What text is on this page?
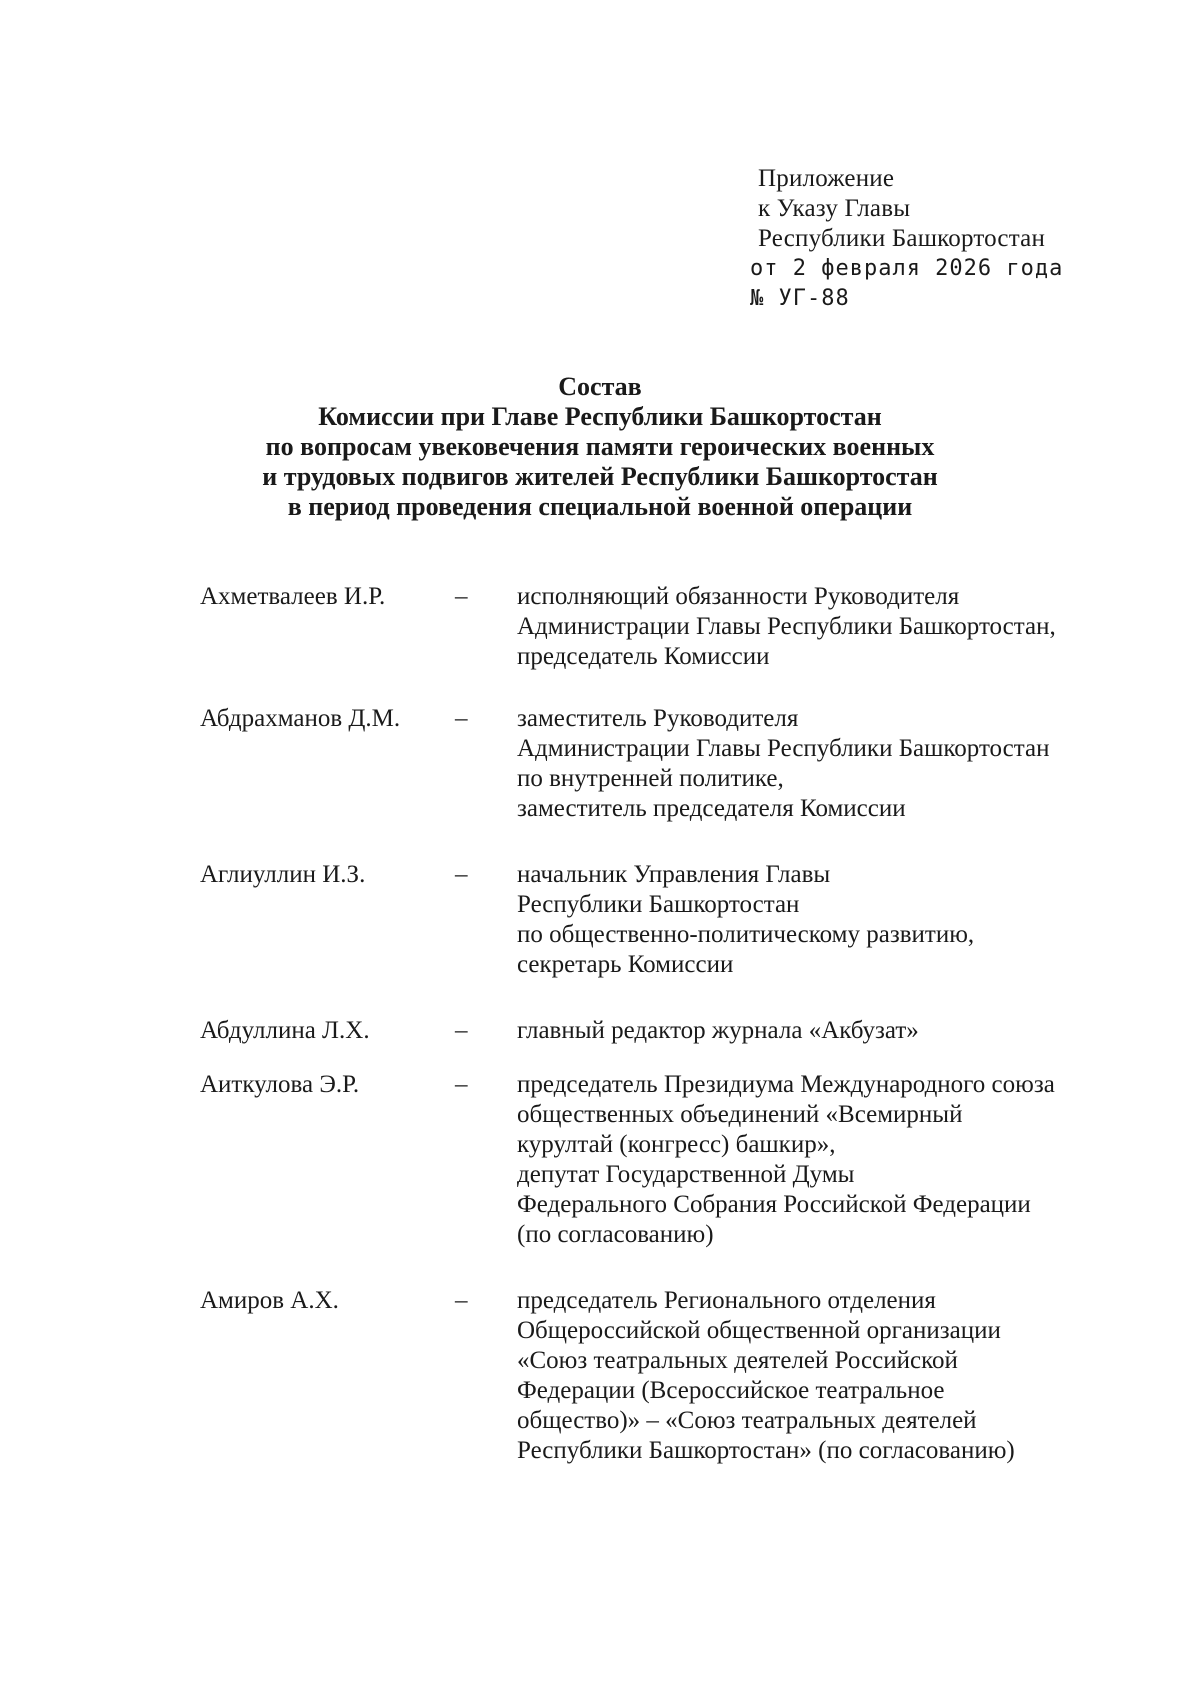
Приложение
к Указу Главы
Республики Башкортостан
от 2 февраля 2026 года
№ УГ-88
Состав
Комиссии при Главе Республики Башкортостан
по вопросам увековечения памяти героических военных
и трудовых подвигов жителей Республики Башкортостан
в период проведения специальной военной операции
Ахметвалеев И.Р.	–	исполняющий обязанности Руководителя
Администрации Главы Республики Башкортостан,
председатель Комиссии
Абдрахманов Д.М.	–	заместитель Руководителя
Администрации Главы Республики Башкортостан
по внутренней политике,
заместитель председателя Комиссии
Аглиуллин И.З.	–	начальник Управления Главы
Республики Башкортостан
по общественно-политическому развитию,
секретарь Комиссии
Абдуллина Л.Х.	–	главный редактор журнала «Акбузат»
Аиткулова Э.Р.	–	председатель Президиума Международного союза
общественных объединений «Всемирный
курултай (конгресс) башкир»,
депутат Государственной Думы
Федерального Собрания Российской Федерации
(по согласованию)
Амиров А.Х.	–	председатель Регионального отделения
Общероссийской общественной организации
«Союз театральных деятелей Российской
Федерации (Всероссийское театральное
общество)» – «Союз театральных деятелей
Республики Башкортостан» (по согласованию)
